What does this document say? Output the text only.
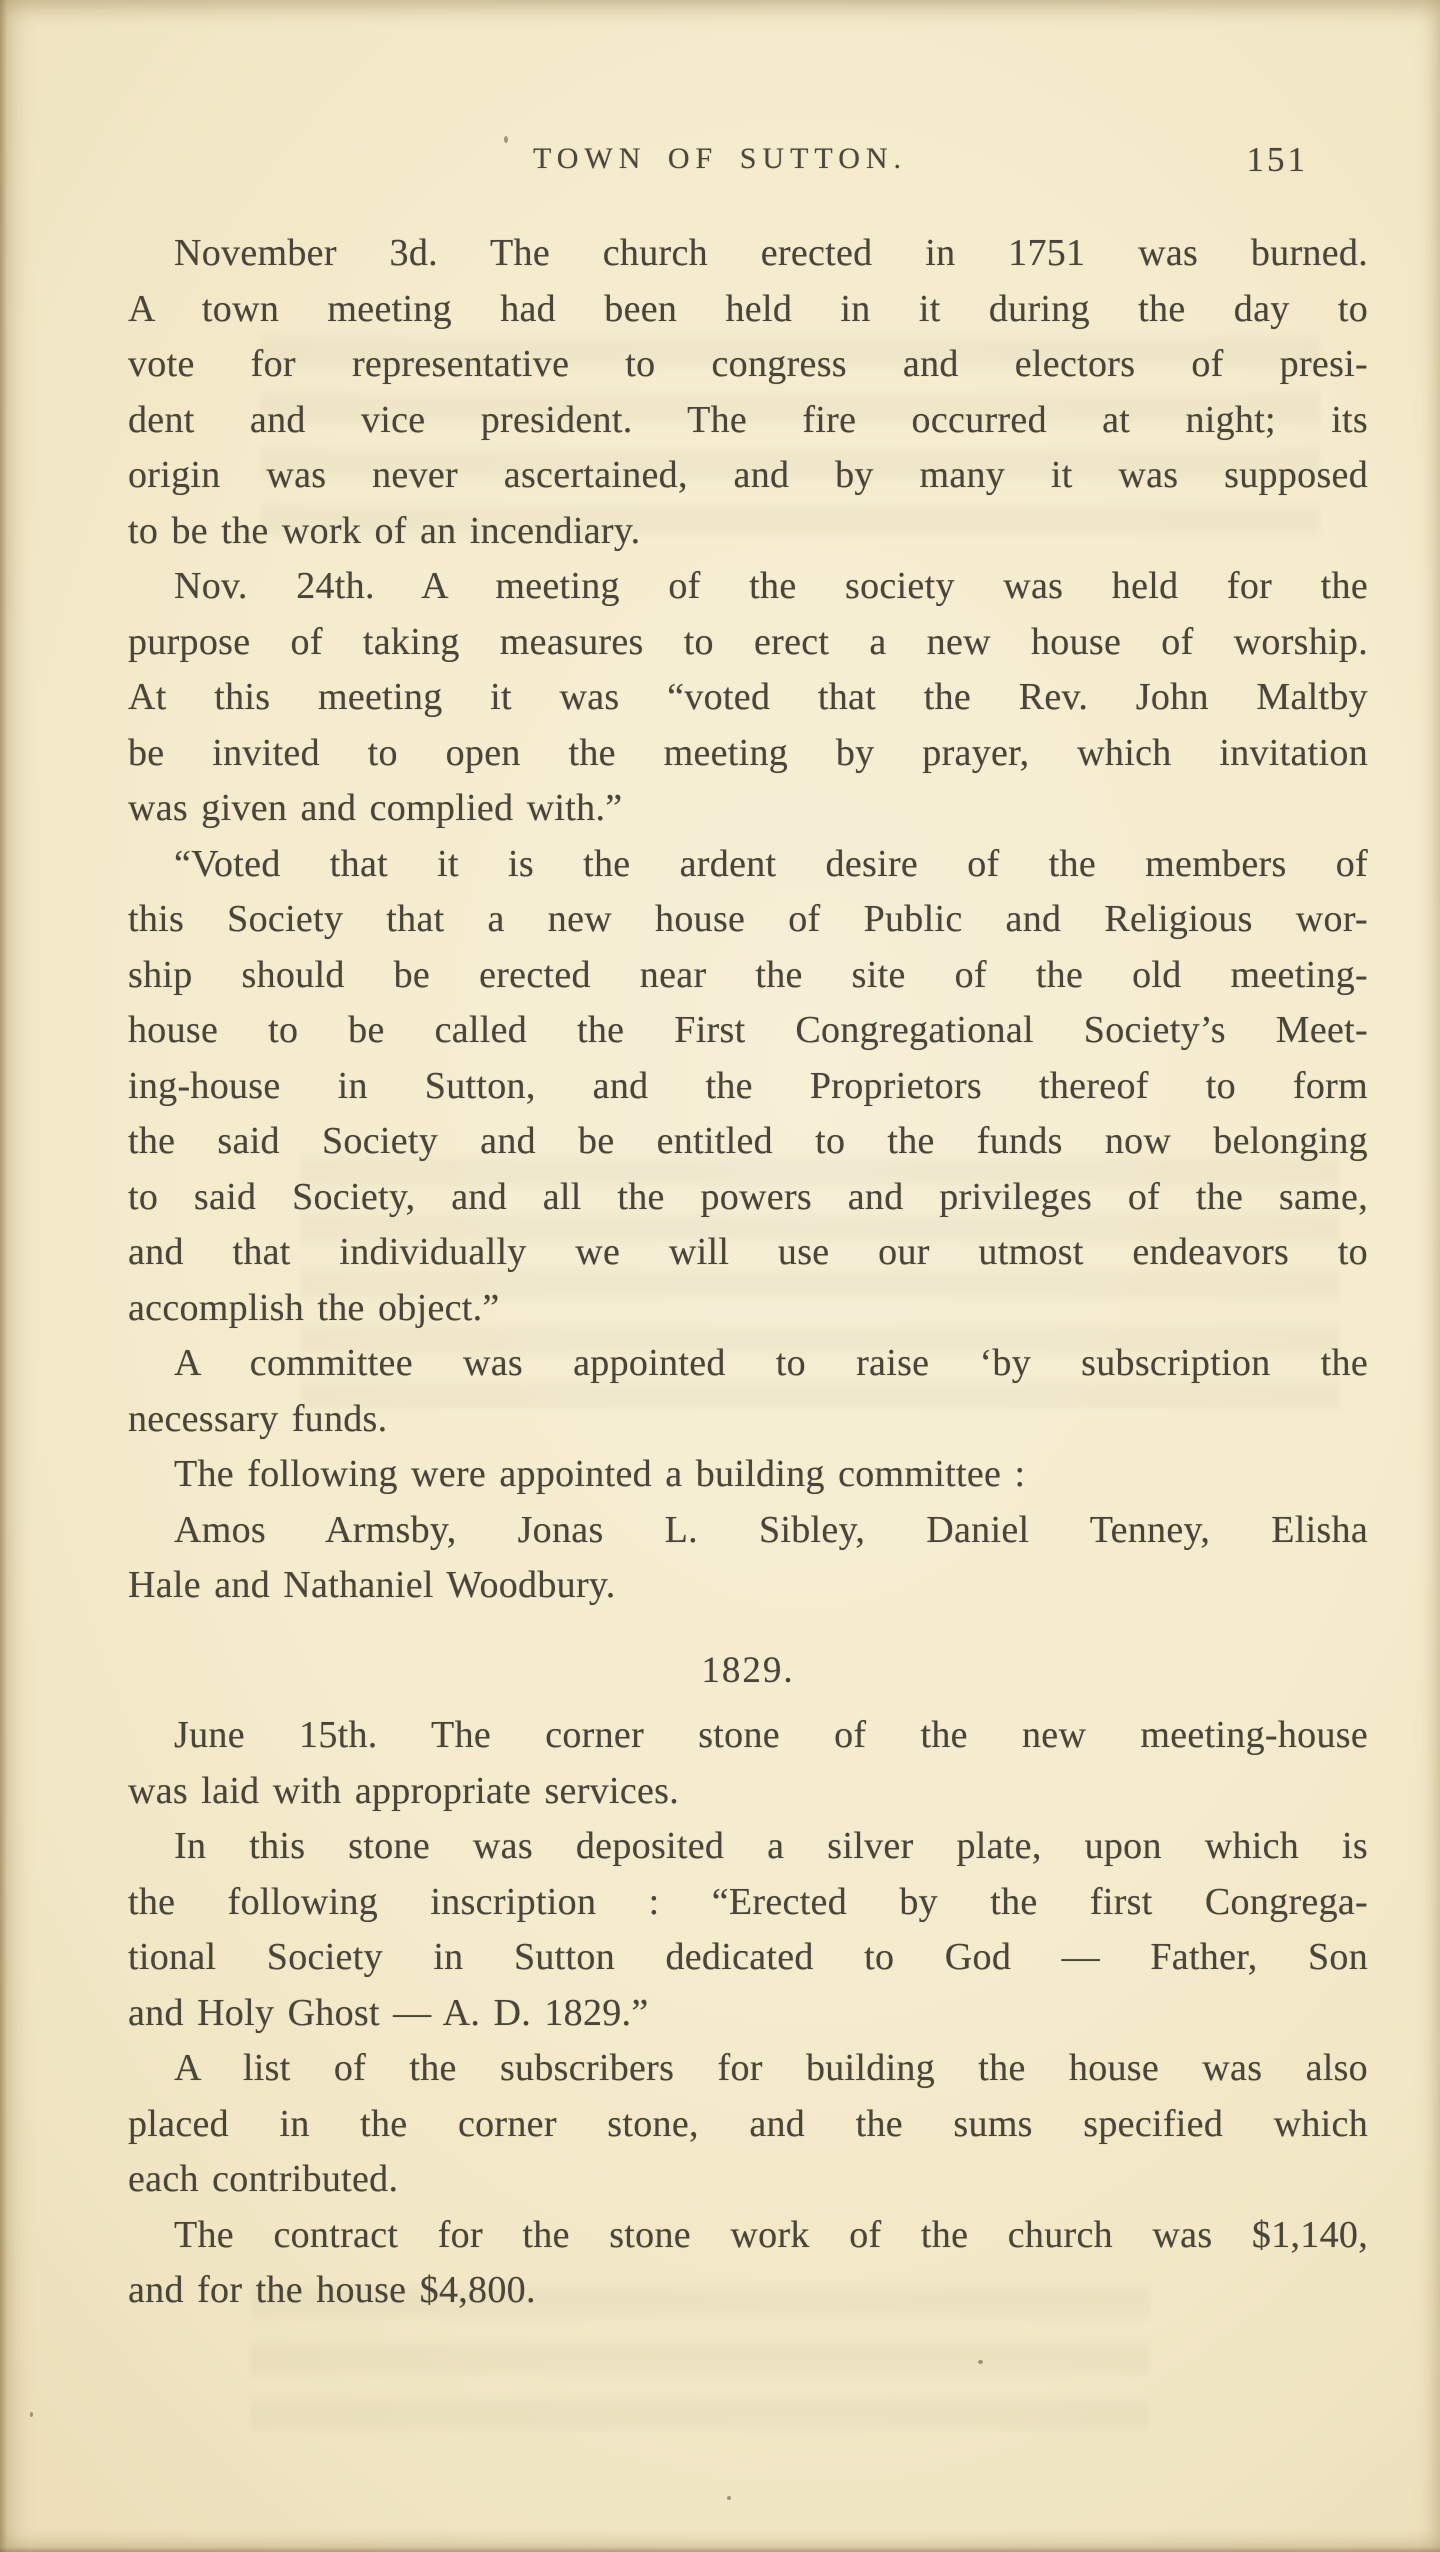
TOWN OF SUTTON.	151
November 3d. The church erected in 1751 was burned.
A town meeting had been held in it during the day to
vote for representative to congress and electors of presi-
dent and vice president. The fire occurred at night; its
origin was never ascertained, and by many it was supposed
to be the work of an incendiary.
Nov. 24th. A meeting of the society was held for the
purpose of taking measures to erect a new house of worship.
At this meeting it was “voted that the Rev. John Maltby
be invited to open the meeting by prayer, which invitation
was given and complied with.”
“Voted that it is the ardent desire of the members of
this Society that a new house of Public and Religious wor-
ship should be erected near the site of the old meeting-
house to be called the First Congregational Society’s Meet-
ing-house in Sutton, and the Proprietors thereof to form
the said Society and be entitled to the funds now belonging
to said Society, and all the powers and privileges of the same,
and that individually we will use our utmost endeavors to
accomplish the object.”
A committee was appointed to raise ‘by subscription the
necessary funds.
The following were appointed a building committee :
Amos Armsby, Jonas L. Sibley, Daniel Tenney, Elisha
Hale and Nathaniel Woodbury.
1829.
June 15th. The corner stone of the new meeting-house
was laid with appropriate services.
In this stone was deposited a silver plate, upon which is
the following inscription : “Erected by the first Congrega-
tional Society in Sutton dedicated to God — Father, Son
and Holy Ghost — A. D. 1829.”
A list of the subscribers for building the house was also
placed in the corner stone, and the sums specified which
each contributed.
The contract for the stone work of the church was $1,140,
and for the house $4,800.
